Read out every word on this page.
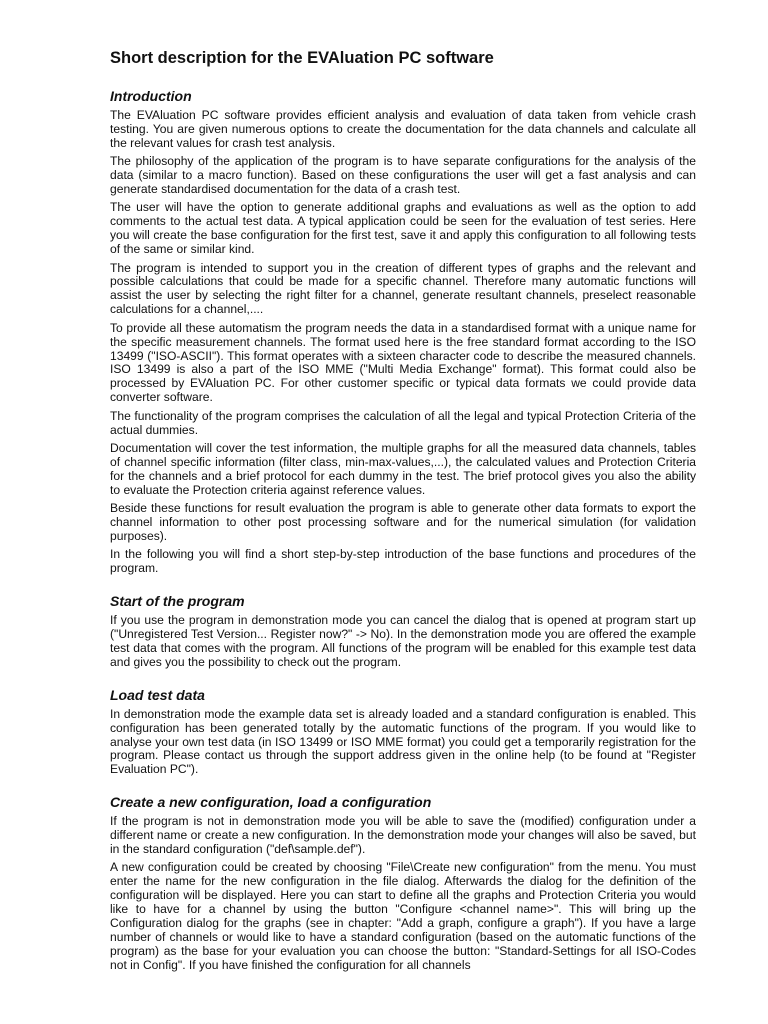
Short description for the EVAluation PC software
Introduction

The EVAluation PC software provides efficient analysis and evaluation of data taken from vehicle crash testing. You are given numerous options to create the documentation for the data channels and calculate all the relevant values for crash test analysis.

The philosophy of the application of the program is to have separate configurations for the analysis of the data (similar to a macro function). Based on these configurations the user will get a fast analysis and can generate standardised documentation for the data of a crash test.

The user will have the option to generate additional graphs and evaluations as well as the option to add comments to the actual test data. A typical application could be seen for the evaluation of test series. Here you will create the base configuration for the first test, save it and apply this configuration to all following tests of the same or similar kind.

The program is intended to support you in the creation of different types of graphs and the relevant and possible calculations that could be made for a specific channel. Therefore many automatic functions will assist the user by selecting the right filter for a channel, generate resultant channels, preselect reasonable calculations for a channel,....

To provide all these automatism the program needs the data in a standardised format with a unique name for the specific measurement channels. The format used here is the free standard format according to the ISO 13499 ("ISO-ASCII"). This format operates with a sixteen character code to describe the measured channels. ISO 13499 is also a part of the ISO MME ("Multi Media Exchange" format). This format could also be processed by EVAluation PC. For other customer specific or typical data formats we could provide data converter software.

The functionality of the program comprises the calculation of all the legal and typical Protection Criteria of the actual dummies.

Documentation will cover the test information, the multiple graphs for all the measured data channels, tables of channel specific information (filter class, min-max-values,...), the calculated values and Protection Criteria for the channels and a brief protocol for each dummy in the test. The brief protocol gives you also the ability to evaluate the Protection criteria against reference values.

Beside these functions for result evaluation the program is able to generate other data formats to export the channel information to other post processing software and for the numerical simulation (for validation purposes).

In the following you will find a short step-by-step introduction of the base functions and procedures of the program.

Start of the program

If you use the program in demonstration mode you can cancel the dialog that is opened at program start up ("Unregistered Test Version... Register now?" -> No). In the demonstration mode you are offered the example test data that comes with the program. All functions of the program will be enabled for this example test data and gives you the possibility to check out the program.

Load test data

In demonstration mode the example data set is already loaded and a standard configuration is enabled. This configuration has been generated totally by the automatic functions of the program. If you would like to analyse your own test data (in ISO 13499 or ISO MME format) you could get a temporarily registration for the program. Please contact us through the support address given in the online help (to be found at "Register Evaluation PC").

Create a new configuration, load a configuration

If the program is not in demonstration mode you will be able to save the (modified) configuration under a different name or create a new configuration. In the demonstration mode your changes will also be saved, but in the standard configuration ("def\sample.def").

A new configuration could be created by choosing "File\Create new configuration" from the menu. You must enter the name for the new configuration in the file dialog. Afterwards the dialog for the definition of the configuration will be displayed. Here you can start to define all the graphs and Protection Criteria you would like to have for a channel by using the button "Configure <channel name>". This will bring up the Configuration dialog for the graphs (see in chapter: "Add a graph, configure a graph"). If you have a large number of channels or would like to have a standard configuration (based on the automatic functions of the program) as the base for your evaluation you can choose the button: "Standard-Settings for all ISO-Codes not in Config". If you have finished the configuration for all channels
